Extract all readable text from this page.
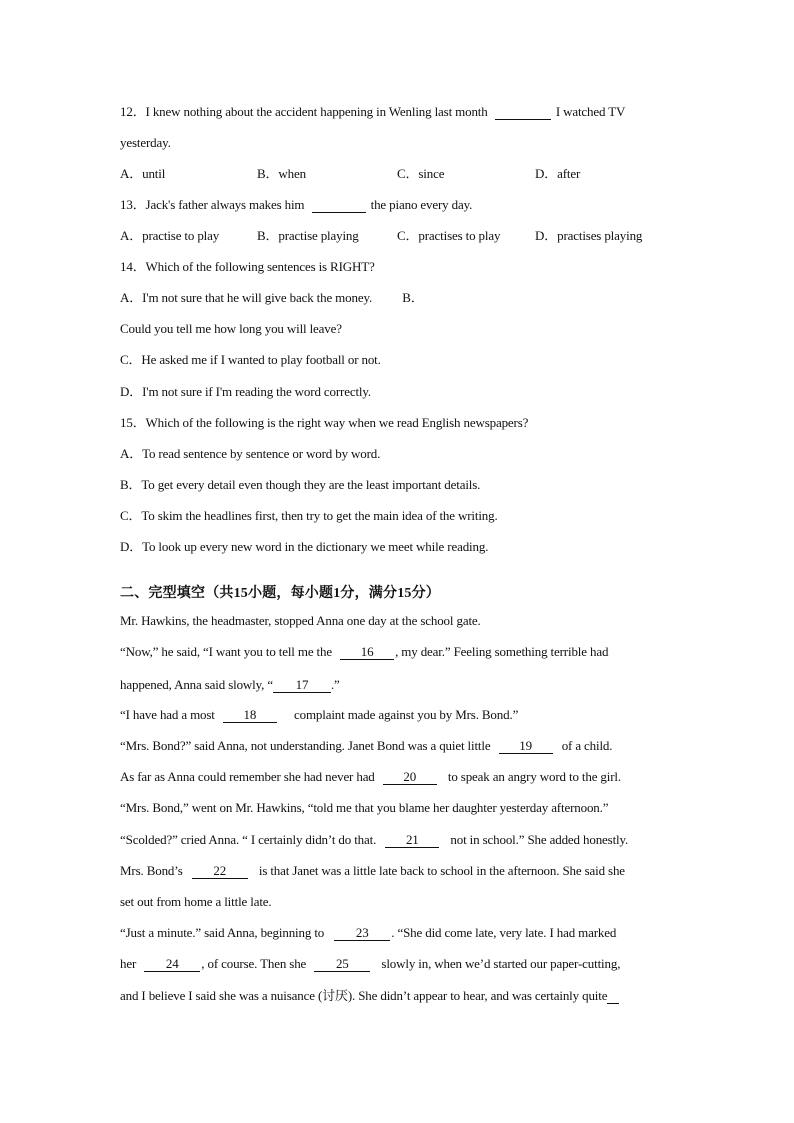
12．I knew nothing about the accident happening in Wenling last month	I watched TV
yesterday.
A．until	B．when	C．since	D．after
13．Jack's father always makes him	the piano every day.
A．practise to play	B．practise playing	C．practises to play	D．practises playing
14．Which of the following sentences is RIGHT?
A．I'm not sure that he will give back the money. B．
Could you tell me how long you will leave?
C．He asked me if I wanted to play football or not.
D．I'm not sure if I'm reading the word correctly.
15．Which of the following is the right way when we read English newspapers?
A．To read sentence by sentence or word by word.
B．To get every detail even though they are the least important details.
C．To skim the headlines first, then try to get the main idea of the writing.
D．To look up every new word in the dictionary we meet while reading.
二、完型填空（共15小题，每小题1分，满分15分）
Mr. Hawkins, the headmaster, stopped Anna one day at the school gate.
“Now,” he said, “I want you to tell me the 16 , my dear.” Feeling something terrible had
happened, Anna said slowly, “ 17 .”
“I have had a most 18	complaint made against you by Mrs. Bond.”
“Mrs. Bond?” said Anna, not understanding. Janet Bond was a quiet little 19 of a child.
As far as Anna could remember she had never had 20 to speak an angry word to the girl.
“Mrs. Bond,” went on Mr. Hawkins, “told me that you blame her daughter yesterday afternoon.”
“Scolded?” cried Anna. “ I certainly didn’t do that. 21 not in school.” She added honestly.
Mrs. Bond’s 22	is that Janet was a little late back to school in the afternoon. She said she
set out from home a little late.
“Just a minute.” said Anna, beginning to 23 . “She did come late, very late. I had marked
her 24 , of course. Then she 25	slowly in, when we’d started our paper-cutting,
and I believe I said she was a nuisance (讨厌). She didn’t appear to hear, and was certainly quite
